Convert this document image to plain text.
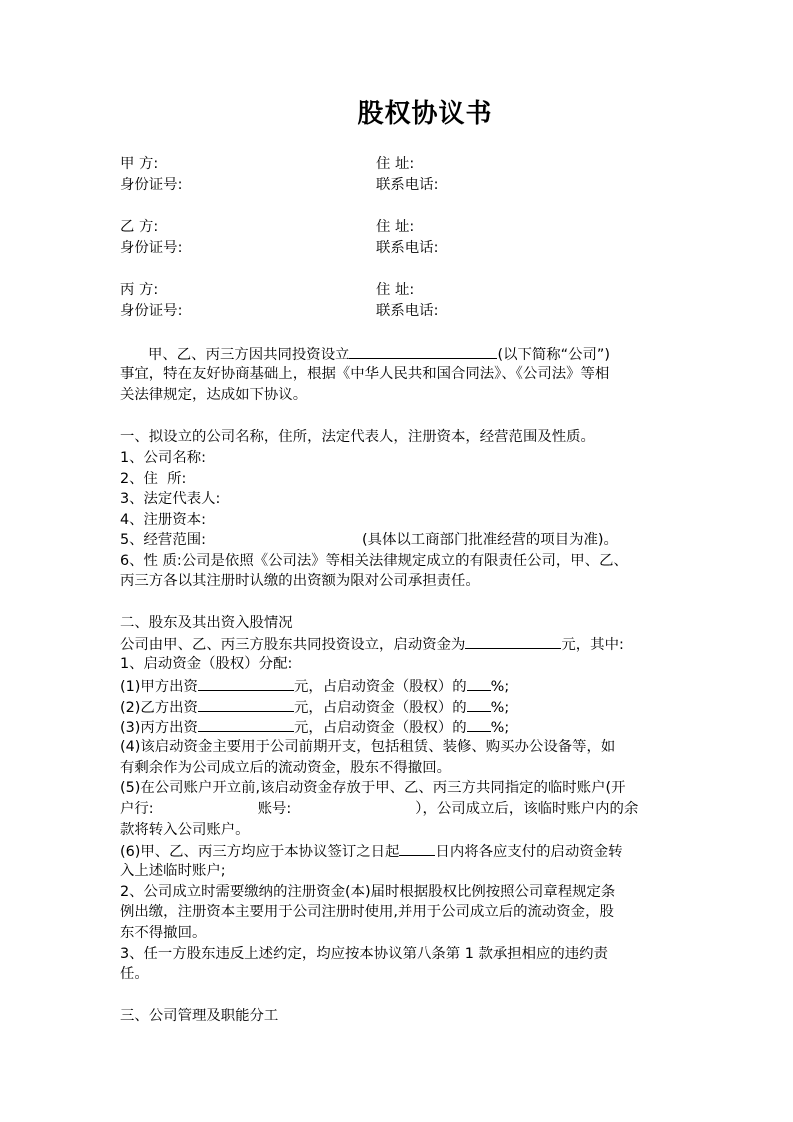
股权协议书
甲 方:	住 址:
身份证号:	联系电话:
乙 方:	住 址:
身份证号:	联系电话:
丙 方:	住 址:
身份证号:	联系电话:
甲、乙、丙三方因共同投资设立	(以下简称“公司”)
事宜，特在友好协商基础上，根据《中华人民共和国合同法》、《公司法》等相
关法律规定，达成如下协议。
一、拟设立的公司名称，住所，法定代表人，注册资本，经营范围及性质。
1、公司名称:
2、住  所:
3、法定代表人:
4、注册资本:
5、经营范围:	(具体以工商部门批准经营的项目为准)。
6、性 质:公司是依照《公司法》等相关法律规定成立的有限责任公司，甲、乙、
丙三方各以其注册时认缴的出资额为限对公司承担责任。
二、股东及其出资入股情况
公司由甲、乙、丙三方股东共同投资设立，启动资金为	元，其中:
1、启动资金（股权）分配:
(1)甲方出资	元，占启动资金（股权）的 %;
(2)乙方出资	元，占启动资金（股权）的 %;
(3)丙方出资	元，占启动资金（股权）的 %;
(4)该启动资金主要用于公司前期开支，包括租赁、装修、购买办公设备等，如
有剩余作为公司成立后的流动资金，股东不得撤回。
(5)在公司账户开立前,该启动资金存放于甲、乙、丙三方共同指定的临时账户(开
户行:	账号:	），公司成立后，该临时账户内的余
款将转入公司账户。
(6)甲、乙、丙三方均应于本协议签订之日起	日内将各应支付的启动资金转
入上述临时账户;
2、公司成立时需要缴纳的注册资金(本)届时根据股权比例按照公司章程规定条
例出缴，注册资本主要用于公司注册时使用,并用于公司成立后的流动资金，股
东不得撤回。
3、任一方股东违反上述约定，均应按本协议第八条第 1 款承担相应的违约责
任。
三、公司管理及职能分工
